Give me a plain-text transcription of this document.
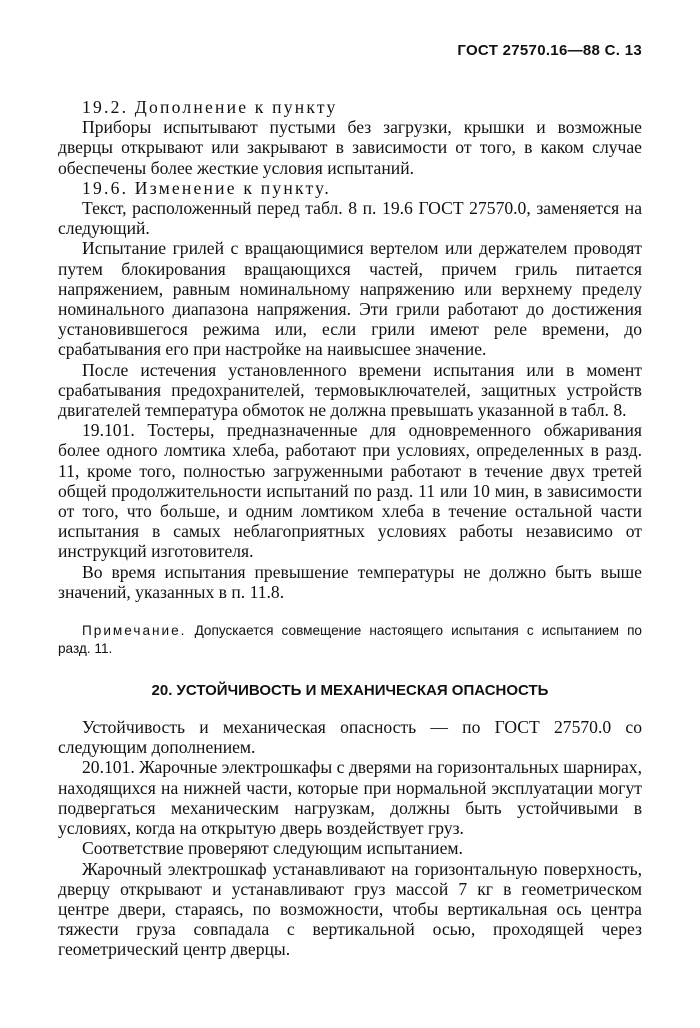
ГОСТ 27570.16—88 С. 13

19.2. Дополнение к пункту

Приборы испытывают пустыми без загрузки, крышки и возможные дверцы открывают или закрывают в зависимости от того, в каком случае обеспечены более жесткие условия испытаний.

19.6. Изменение к пункту.

Текст, расположенный перед табл. 8 п. 19.6 ГОСТ 27570.0, заменяется на следующий.

Испытание грилей с вращающимися вертелом или держателем проводят путем блокирования вращающихся частей, причем гриль питается напряжением, равным номинальному напряжению или верхнему пределу номинального диапазона напряжения. Эти грили работают до достижения установившегося режима или, если грили имеют реле времени, до срабатывания его при настройке на наивысшее значение.

После истечения установленного времени испытания или в момент срабатывания предохранителей, термовыключателей, защитных устройств двигателей температура обмоток не должна превышать указанной в табл. 8.

19.101. Тостеры, предназначенные для одновременного обжаривания более одного ломтика хлеба, работают при условиях, определенных в разд. 11, кроме того, полностью загруженными работают в течение двух третей общей продолжительности испытаний по разд. 11 или 10 мин, в зависимости от того, что больше, и одним ломтиком хлеба в течение остальной части испытания в самых неблагоприятных условиях работы независимо от инструкций изготовителя.

Во время испытания превышение температуры не должно быть выше значений, указанных в п. 11.8.

Примечание. Допускается совмещение настоящего испытания с испытанием по разд. 11.

20. УСТОЙЧИВОСТЬ И МЕХАНИЧЕСКАЯ ОПАСНОСТЬ

Устойчивость и механическая опасность — по ГОСТ 27570.0 со следующим дополнением.

20.101. Жарочные электрошкафы с дверями на горизонтальных шарнирах, находящихся на нижней части, которые при нормальной эксплуатации могут подвергаться механическим нагрузкам, должны быть устойчивыми в условиях, когда на открытую дверь воздействует груз.

Соответствие проверяют следующим испытанием.

Жарочный электрошкаф устанавливают на горизонтальную поверхность, дверцу открывают и устанавливают груз массой 7 кг в геометрическом центре двери, стараясь, по возможности, чтобы вертикальная ось центра тяжести груза совпадала с вертикальной осью, проходящей через геометрический центр дверцы.
